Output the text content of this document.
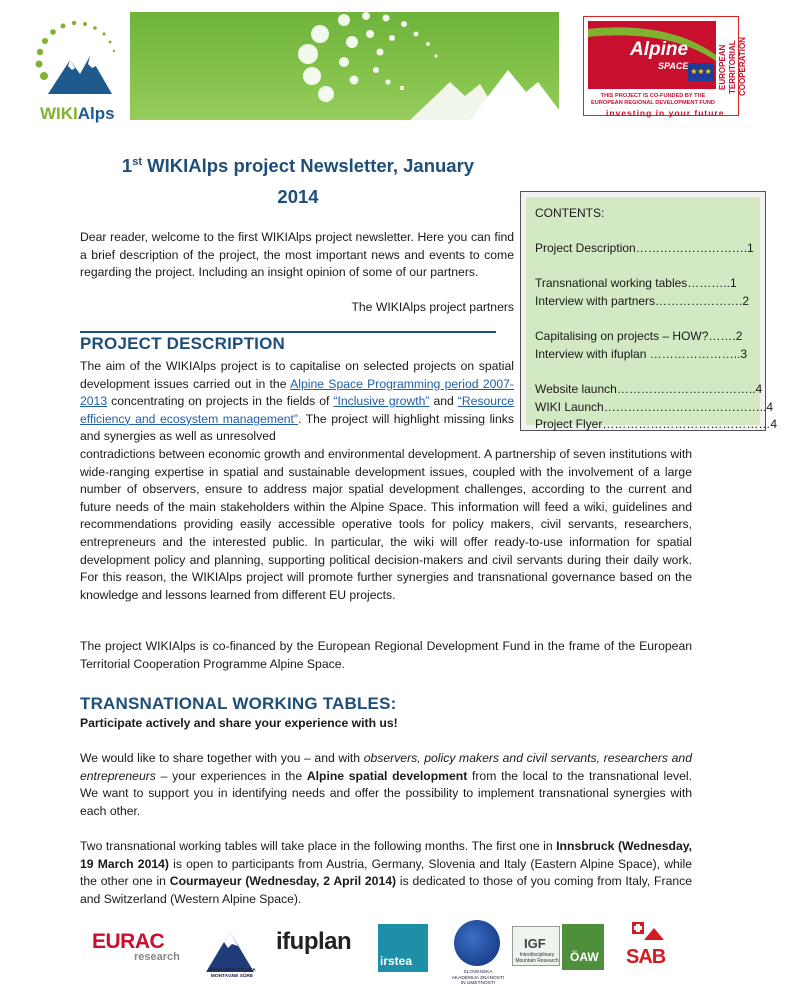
WIKIAlps
Alpine
SPACE
★★★ EUROPEAN TERRITORIAL COOPERATION
THIS PROJECT IS CO-FUNDED BY THE EUROPEAN REGIONAL DEVELOPMENT FUND
investing in your future
1st WIKIAlps project Newsletter, January
2014
CONTENTS:
Project Description……………………….1
Transnational working tables………..1
Interview with partners………………….2
Capitalising on projects – HOW?…….2
Interview with ifuplan …………………..3
Website launch……………………………..4
WIKI Launch…………………………………..4
Project Flyer……………………………………4

Dear reader, welcome to the first WIKIAlps project newsletter. Here you can find a brief description of the project, the most important news and events to come regarding the project. Including an insight opinion of some of our partners.

The WIKIAlps project partners
PROJECT DESCRIPTION

The aim of the WIKIAlps project is to capitalise on selected projects on spatial development issues carried out in the Alpine Space Programming period 2007-2013 concentrating on projects in the fields of “Inclusive growth” and “Resource efficiency and ecosystem management”. The project will highlight missing links and synergies as well as unresolved

contradictions between economic growth and environmental development. A partnership of seven institutions with wide-ranging expertise in spatial and sustainable development issues, coupled with the involvement of a large number of observers, ensure to address major spatial development challenges, according to the current and future needs of the main stakeholders within the Alpine Space. This information will feed a wiki, guidelines and recommendations providing easily accessible operative tools for policy makers, civil servants, researchers, entrepreneurs and the interested public. In particular, the wiki will offer ready-to-use information for spatial development policy and planning, supporting political decision-makers and civil servants during their daily work. For this reason, the WIKIAlps project will promote further synergies and transnational governance based on the knowledge and lessons learned from different EU projects.

The project WIKIAlps is co-financed by the European Regional Development Fund in the frame of the European Territorial Cooperation Programme Alpine Space.

TRANSNATIONAL WORKING TABLES:
Participate actively and share your experience with us!

We would like to share together with you – and with observers, policy makers and civil servants, researchers and entrepreneurs – your experiences in the Alpine spatial development from the local to the transnational level. We want to support you in identifying needs and offer the possibility to implement transnational synergies with each other.

Two transnational working tables will take place in the following months. The first one in Innsbruck (Wednesday, 19 March 2014) is open to participants from Austria, Germany, Slovenia and Italy (Eastern Alpine Space), while the other one in Courmayeur (Wednesday, 2 April 2014) is dedicated to those of you coming from Italy, France and Switzerland (Western Alpine Space).

EURAC
research
MONTAGNA SICURA MONTAGNE SÛRE
ifuplan
irstea
SLOVENSKA AKADEMIJA ZNANOSTI IN UMETNOSTI
IGF
Interdisciplinary Mountain Research ÖAW SAB
